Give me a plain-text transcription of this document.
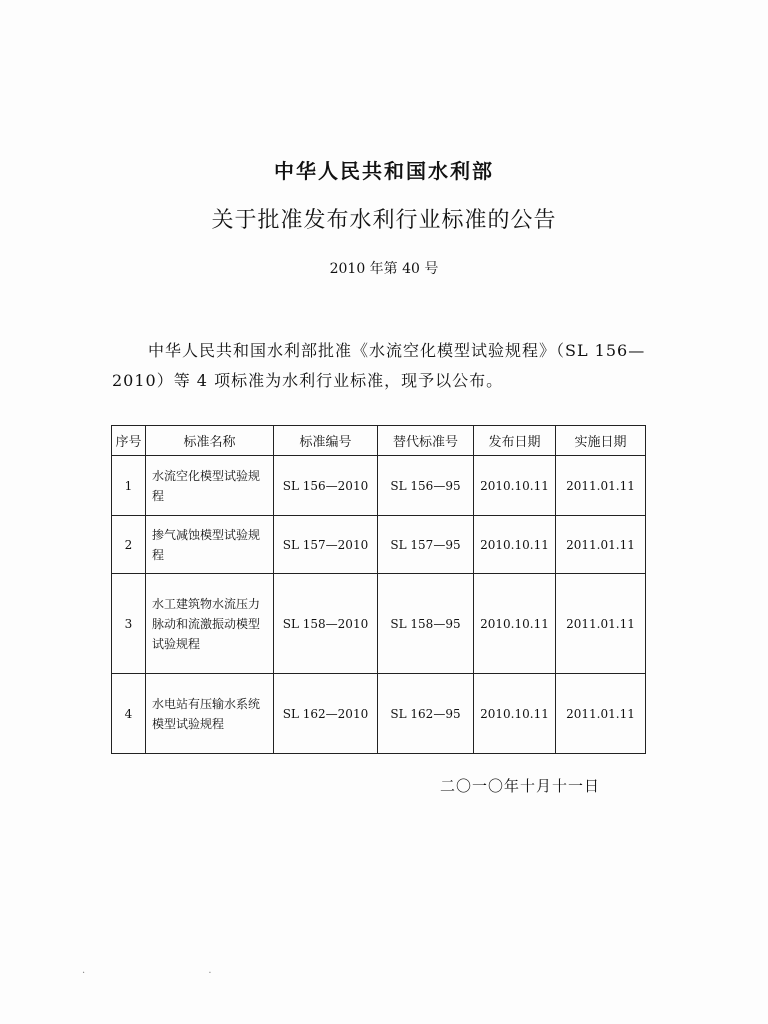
中华人民共和国水利部
关于批准发布水利行业标准的公告
2010 年第 40 号
中华人民共和国水利部批准《水流空化模型试验规程》（SL 156—2010）等 4 项标准为水利行业标准，现予以公布。
序号	标准名称	标准编号	替代标准号	发布日期	实施日期
1	水流空化模型试验规程	SL 156—2010	SL 156—95	2010.10.11	2011.01.11
2	掺气减蚀模型试验规程	SL 157—2010	SL 157—95	2010.10.11	2011.01.11
3	水工建筑物水流压力脉动和流激振动模型试验规程	SL 158—2010	SL 158—95	2010.10.11	2011.01.11
4	水电站有压输水系统模型试验规程	SL 162—2010	SL 162—95	2010.10.11	2011.01.11
二〇一〇年十月十一日
· ·
